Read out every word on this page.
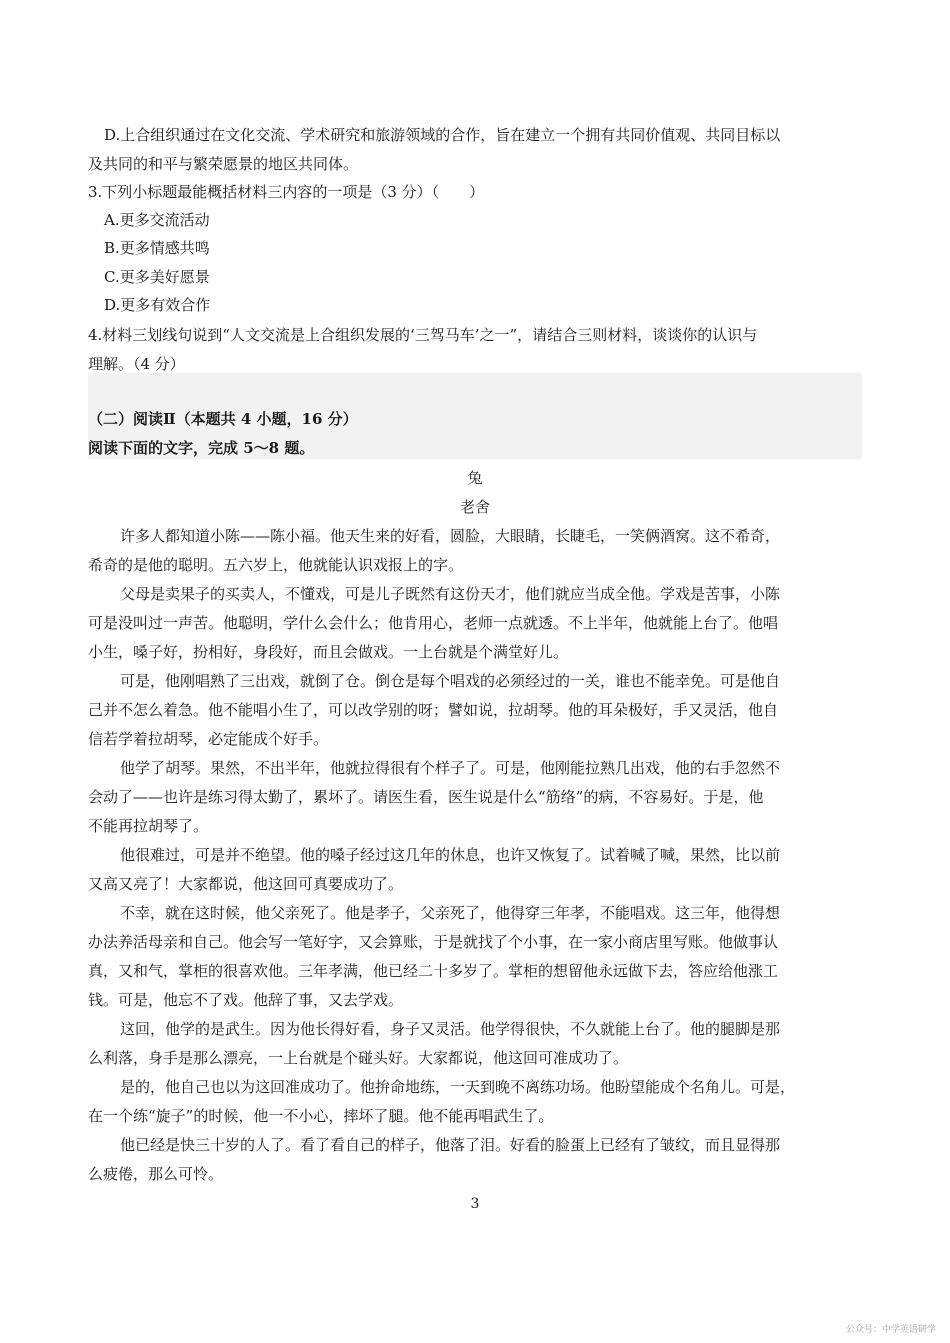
D.上合组织通过在文化交流、学术研究和旅游领域的合作，旨在建立一个拥有共同价值观、共同目标以
及共同的和平与繁荣愿景的地区共同体。
3.下列小标题最能概括材料三内容的一项是（3 分）（　　）
A.更多交流活动
B.更多情感共鸣
C.更多美好愿景
D.更多有效合作
4.材料三划线句说到“人文交流是上合组织发展的‘三驾马车’之一”，请结合三则材料，谈谈你的认识与
理解。（4 分）
（二）阅读Ⅱ（本题共 4 小题，16 分）
阅读下面的文字，完成 5～8 题。
兔
老舍
许多人都知道小陈——陈小福。他天生来的好看，圆脸，大眼睛，长睫毛，一笑俩酒窝。这不希奇，
希奇的是他的聪明。五六岁上，他就能认识戏报上的字。
父母是卖果子的买卖人，不懂戏，可是儿子既然有这份天才，他们就应当成全他。学戏是苦事，小陈
可是没叫过一声苦。他聪明，学什么会什么；他肯用心，老师一点就透。不上半年，他就能上台了。他唱
小生，嗓子好，扮相好，身段好，而且会做戏。一上台就是个满堂好儿。
可是，他刚唱熟了三出戏，就倒了仓。倒仓是每个唱戏的必须经过的一关，谁也不能幸免。可是他自
己并不怎么着急。他不能唱小生了，可以改学别的呀；譬如说，拉胡琴。他的耳朵极好，手又灵活，他自
信若学着拉胡琴，必定能成个好手。
他学了胡琴。果然，不出半年，他就拉得很有个样子了。可是，他刚能拉熟几出戏，他的右手忽然不
会动了——也许是练习得太勤了，累坏了。请医生看，医生说是什么“筋络”的病，不容易好。于是，他
不能再拉胡琴了。
他很难过，可是并不绝望。他的嗓子经过这几年的休息，也许又恢复了。试着喊了喊，果然，比以前
又高又亮了！大家都说，他这回可真要成功了。
不幸，就在这时候，他父亲死了。他是孝子，父亲死了，他得穿三年孝，不能唱戏。这三年，他得想
办法养活母亲和自己。他会写一笔好字，又会算账，于是就找了个小事，在一家小商店里写账。他做事认
真，又和气，掌柜的很喜欢他。三年孝满，他已经二十多岁了。掌柜的想留他永远做下去，答应给他涨工
钱。可是，他忘不了戏。他辞了事，又去学戏。
这回，他学的是武生。因为他长得好看，身子又灵活。他学得很快，不久就能上台了。他的腿脚是那
么利落，身手是那么漂亮，一上台就是个碰头好。大家都说，他这回可准成功了。
是的，他自己也以为这回准成功了。他拚命地练，一天到晚不离练功场。他盼望能成个名角儿。可是，
在一个练“旋子”的时候，他一不小心，摔坏了腿。他不能再唱武生了。
他已经是快三十岁的人了。看了看自己的样子，他落了泪。好看的脸蛋上已经有了皱纹，而且显得那
么疲倦，那么可怜。
3
公众号：中学英语研学
